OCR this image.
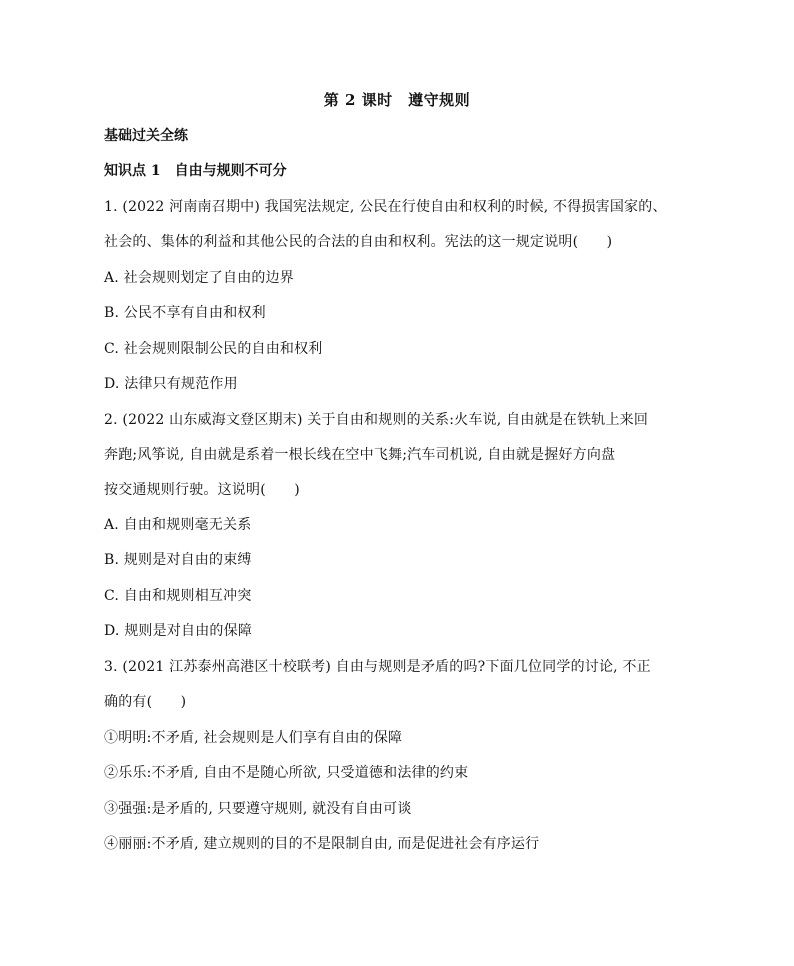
第 2 课时　遵守规则
基础过关全练
知识点 1　自由与规则不可分
1. (2022 河南南召期中) 我国宪法规定, 公民在行使自由和权利的时候, 不得损害国家的、
社会的、集体的利益和其他公民的合法的自由和权利。宪法的这一规定说明(　　)
A. 社会规则划定了自由的边界
B. 公民不享有自由和权利
C. 社会规则限制公民的自由和权利
D. 法律只有规范作用
2. (2022 山东威海文登区期末) 关于自由和规则的关系:火车说, 自由就是在铁轨上来回
奔跑;风筝说, 自由就是系着一根长线在空中飞舞;汽车司机说, 自由就是握好方向盘
按交通规则行驶。这说明(　　)
A. 自由和规则毫无关系
B. 规则是对自由的束缚
C. 自由和规则相互冲突
D. 规则是对自由的保障
3. (2021 江苏泰州高港区十校联考) 自由与规则是矛盾的吗?下面几位同学的讨论, 不正
确的有(　　)
①明明:不矛盾, 社会规则是人们享有自由的保障
②乐乐:不矛盾, 自由不是随心所欲, 只受道德和法律的约束
③强强:是矛盾的, 只要遵守规则, 就没有自由可谈
④丽丽:不矛盾, 建立规则的目的不是限制自由, 而是促进社会有序运行
